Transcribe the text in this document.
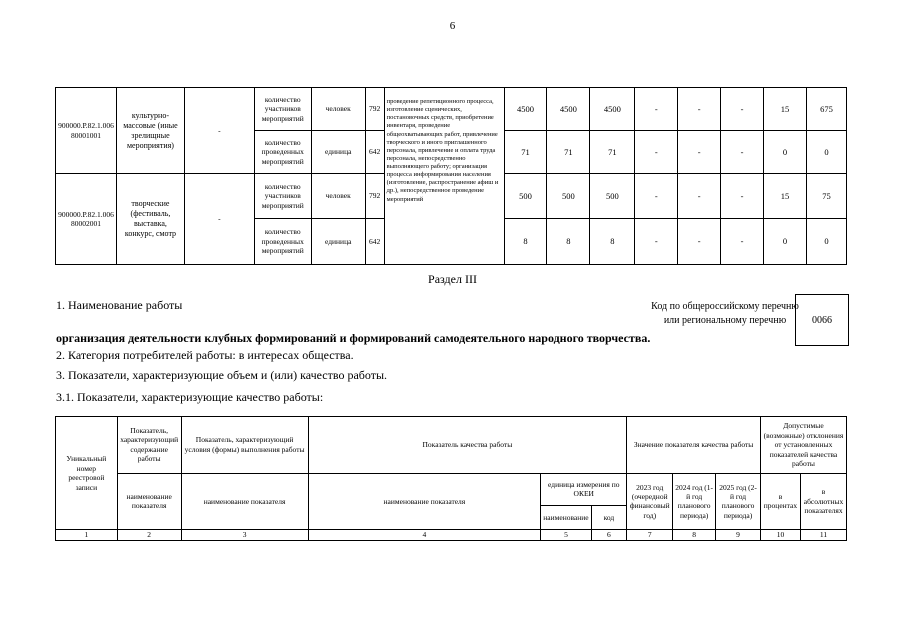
6
900000.Р.82.1.006 80001001	культурно-массовые (иные зрелищные мероприятия)	-	количество участников мероприятий	человек	792	проведение репетиционного процесса, изготовление сценических, постановочных средств, приобретение инвентаря, проведение общеохватывающих работ, привлечение творческого и иного приглашенного персонала, привлечение и оплата труда персонала, непосредственно выполняющего работу; организация процесса информирования населения (изготовление, распространение афиш и др.), непосредственное проведение мероприятий	4500	4500	4500	-	-	-	15	675
			количество проведенных мероприятий	единица	642		71	71	71	-	-	-	0	0
900000.Р.82.1.006 80002001	творческие (фестиваль, выставка, конкурс, смотр	-	количество участников мероприятий	человек	792		500	500	500	-	-	-	15	75
			количество проведенных мероприятий	единица	642		8	8	8	-	-	-	0	0
Раздел III
1. Наименование работы	Код по общероссийскому перечню или региональному перечню	0066
организация деятельности клубных формирований и формирований самодеятельного народного творчества.
2. Категория потребителей работы: в интересах общества.
3. Показатели, характеризующие объем и (или) качество работы.
3.1. Показатели, характеризующие качество работы:
Уникальный номер реестровой записи	Показатель, характеризующий содержание работы	Показатель, характеризующий условия (формы) выполнения работы	Показатель качества работы			Значение показателя качества работы			Допустимые (возможные) отклонения от установленных показателей качества работы	
	наименование показателя	наименование показателя	наименование показателя	единица измерения по ОКЕИ		2023 год (очередной финансовый год)	2024 год (1-й год планового периода)	2025 год (2-й год планового периода)	в процентах	в абсолютных показателях
				наименование	код					
1	2	3	4	5	6	7	8	9	10	11
